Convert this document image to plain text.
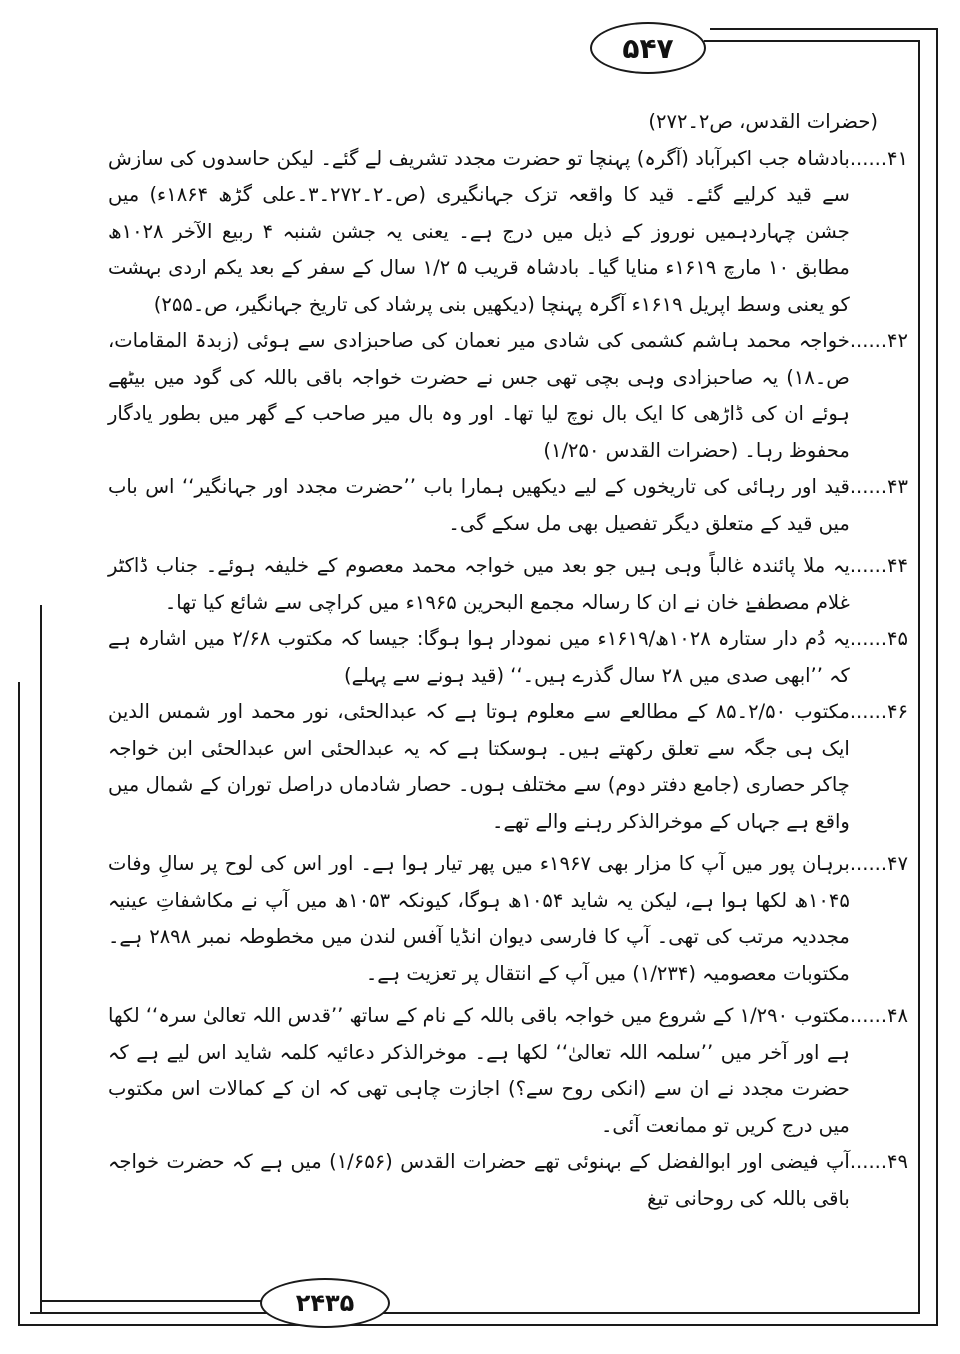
۵۴۷
۲۴۳۵

(حضرات القدس، ص۲۔۲۷۲)

۴۱......
بادشاہ جب اکبرآباد (آگرہ) پہنچا تو حضرت مجدد تشریف لے گئے۔ لیکن حاسدوں کی سازش سے قید کرلیے گئے۔ قید کا واقعہ تزک جہانگیری (ص۔۲۔۲۷۲۔۳۔علی گڑھ ۱۸۶۴ء) میں جشن چہاردہمیں نوروز کے ذیل میں درج ہے۔ یعنی یہ جشن شنبہ ۴ ربیع الآخر ۱۰۲۸ھ مطابق ۱۰ مارچ ۱۶۱۹ء منایا گیا۔ بادشاہ قریب ۵ ۱/۲ سال کے سفر کے بعد یکم اردی بہشت کو یعنی وسط اپریل ۱۶۱۹ء آگرہ پہنچا (دیکھیں بنی پرشاد کی تاریخ جہانگیر، ص۔۲۵۵)
۴۲......
خواجہ محمد ہاشم کشمی کی شادی میر نعمان کی صاحبزادی سے ہوئی (زبدۃ المقامات، ص۔۱۸) یہ صاحبزادی وہی بچی تھی جس نے حضرت خواجہ باقی باللہ کی گود میں بیٹھے ہوئے ان کی ڈاڑھی کا ایک بال نوچ لیا تھا۔ اور وہ بال میر صاحب کے گھر میں بطور یادگار محفوظ رہا۔ (حضرات القدس ۱/۲۵۰)
۴۳......
قید اور رہائی کی تاریخوں کے لیے دیکھیں ہمارا باب ’’حضرت مجدد اور جہانگیر‘‘ اس باب میں قید کے متعلق دیگر تفصیل بھی مل سکے گی۔
۴۴......
یہ ملا پائندہ غالباً وہی ہیں جو بعد میں خواجہ محمد معصوم کے خلیفہ ہوئے۔ جناب ڈاکٹر غلام مصطفےٰ خان نے ان کا رسالہ مجمع البحرین ۱۹۶۵ء میں کراچی سے شائع کیا تھا۔
۴۵......
یہ دُم دار ستارہ ۱۰۲۸ھ/۱۶۱۹ء میں نمودار ہوا ہوگا: جیسا کہ مکتوب ۲/۶۸ میں اشارہ ہے کہ ’’ابھی صدی میں ۲۸ سال گذرے ہیں۔‘‘ (قید ہونے سے پہلے)
۴۶......
مکتوب ۲/۵۰۔۸۵ کے مطالعے سے معلوم ہوتا ہے کہ عبدالحئی، نور محمد اور شمس الدین ایک ہی جگہ سے تعلق رکھتے ہیں۔ ہوسکتا ہے کہ یہ عبدالحئی اس عبدالحئی ابن خواجہ چاکر حصاری (جامع دفتر دوم) سے مختلف ہوں۔ حصار شادماں دراصل توران کے شمال میں واقع ہے جہاں کے موخرالذکر رہنے والے تھے۔
۴۷......
برہان پور میں آپ کا مزار بھی ۱۹۶۷ء میں پھر تیار ہوا ہے۔ اور اس کی لوح پر سالِ وفات ۱۰۴۵ھ لکھا ہوا ہے، لیکن یہ شاید ۱۰۵۴ھ ہوگا، کیونکہ ۱۰۵۳ھ میں آپ نے مکاشفاتِ عینیہ مجددیہ مرتب کی تھی۔ آپ کا فارسی دیوان انڈیا آفس لندن میں مخطوطہ نمبر ۲۸۹۸ ہے۔ مکتوبات معصومیہ (۱/۲۳۴) میں آپ کے انتقال پر تعزیت ہے۔
۴۸......
مکتوب ۱/۲۹۰ کے شروع میں خواجہ باقی باللہ کے نام کے ساتھ ’’قدس اللہ تعالیٰ سرہ‘‘ لکھا ہے اور آخر میں ’’سلمہ اللہ تعالیٰ‘‘ لکھا ہے۔ موخرالذکر دعائیہ کلمہ شاید اس لیے ہے کہ حضرت مجدد نے ان سے (انکی روح سے؟) اجازت چاہی تھی کہ ان کے کمالات اس مکتوب میں درج کریں تو ممانعت آئی۔
۴۹......
آپ فیضی اور ابوالفضل کے بہنوئی تھے حضرات القدس (۱/۶۵۶) میں ہے کہ حضرت خواجہ باقی باللہ کی روحانی تیغ
